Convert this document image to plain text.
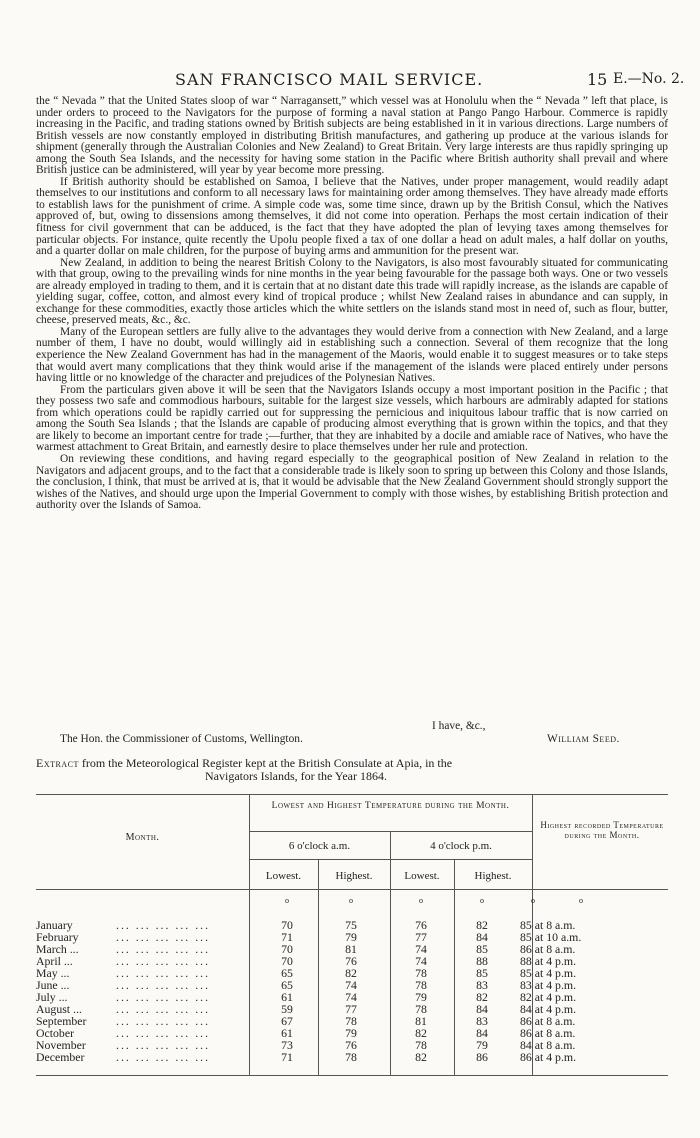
SAN FRANCISCO MAIL SERVICE.	15 E.—No. 2.

the “ Nevada ” that the United States sloop of war “ Narragansett,” which vessel was at Honolulu when the “ Nevada ” left that place, is under orders to proceed to the Navigators for the purpose of forming a naval station at Pango Pango Harbour. Commerce is rapidly increasing in the Pacific, and trading stations owned by British subjects are being established in it in various directions. Large numbers of British vessels are now constantly employed in distributing British manufactures, and gathering up produce at the various islands for shipment (generally through the Australian Colonies and New Zealand) to Great Britain. Very large interests are thus rapidly springing up among the South Sea Islands, and the necessity for having some station in the Pacific where British authority shall prevail and where British justice can be administered, will year by year become more pressing.

If British authority should be established on Samoa, I believe that the Natives, under proper management, would readily adapt themselves to our institutions and conform to all necessary laws for maintaining order among themselves. They have already made efforts to establish laws for the punishment of crime. A simple code was, some time since, drawn up by the British Consul, which the Natives approved of, but, owing to dissensions among themselves, it did not come into operation. Perhaps the most certain indication of their fitness for civil government that can be adduced, is the fact that they have adopted the plan of levying taxes among themselves for particular objects. For instance, quite recently the Upolu people fixed a tax of one dollar a head on adult males, a half dollar on youths, and a quarter dollar on male children, for the purpose of buying arms and ammunition for the present war.

New Zealand, in addition to being the nearest British Colony to the Navigators, is also most favourably situated for communicating with that group, owing to the prevailing winds for nine months in the year being favourable for the passage both ways. One or two vessels are already employed in trading to them, and it is certain that at no distant date this trade will rapidly increase, as the islands are capable of yielding sugar, coffee, cotton, and almost every kind of tropical produce ; whilst New Zealand raises in abundance and can supply, in exchange for these commodities, exactly those articles which the white settlers on the islands stand most in need of, such as flour, butter, cheese, preserved meats, &c., &c.

Many of the European settlers are fully alive to the advantages they would derive from a connection with New Zealand, and a large number of them, I have no doubt, would willingly aid in establishing such a connection. Several of them recognize that the long experience the New Zealand Government has had in the management of the Maoris, would enable it to suggest measures or to take steps that would avert many complications that they think would arise if the management of the islands were placed entirely under persons having little or no knowledge of the character and prejudices of the Polynesian Natives.

From the particulars given above it will be seen that the Navigators Islands occupy a most important position in the Pacific ; that they possess two safe and commodious harbours, suitable for the largest size vessels, which harbours are admirably adapted for stations from which operations could be rapidly carried out for suppressing the pernicious and iniquitous labour traffic that is now carried on among the South Sea Islands ; that the Islands are capable of producing almost everything that is grown within the topics, and that they are likely to become an important centre for trade ;—further, that they are inhabited by a docile and amiable race of Natives, who have the warmest attachment to Great Britain, and earnestly desire to place themselves under her rule and protection.

On reviewing these conditions, and having regard especially to the geographical position of New Zealand in relation to the Navigators and adjacent groups, and to the fact that a considerable trade is likely soon to spring up between this Colony and those Islands, the conclusion, I think, that must be arrived at is, that it would be advisable that the New Zealand Government should strongly support the wishes of the Natives, and should urge upon the Imperial Government to comply with those wishes, by establishing British protection and authority over the Islands of Samoa.

I have, &c.,
The Hon. the Commissioner of Customs, Wellington.	William Seed.
Extract from the Meteorological Register kept at the British Consulate at Apia, in the
Navigators Islands, for the Year 1864.
Month.
Lowest and Highest Temperature during the Month.
6 o'clock a.m.	4 o'clock p.m.
Lowest.	Highest.	Lowest.	Highest.
Highest recorded Temperature during the Month.
o	o	o	o	o	o
January	... ... ... ... ...	70	75	76	82	85 at 8 a.m.
February	... ... ... ... ...	71	79	77	84	85 at 10 a.m.
March ...	... ... ... ... ...	70	81	74	85	86 at 8 a.m.
April ...	... ... ... ... ...	70	76	74	88	88 at 4 p.m.
May ...	... ... ... ... ...	65	82	78	85	85 at 4 p.m.
June ...	... ... ... ... ...	65	74	78	83	83 at 4 p.m.
July ...	... ... ... ... ...	61	74	79	82	82 at 4 p.m.
August ...	... ... ... ... ...	59	77	78	84	84 at 4 p.m.
September	... ... ... ... ...	67	78	81	83	86 at 8 a.m.
October	... ... ... ... ...	61	79	82	84	86 at 8 a.m.
November	... ... ... ... ...	73	76	78	79	84 at 8 a.m.
December	... ... ... ... ...	71	78	82	86	86 at 4 p.m.
